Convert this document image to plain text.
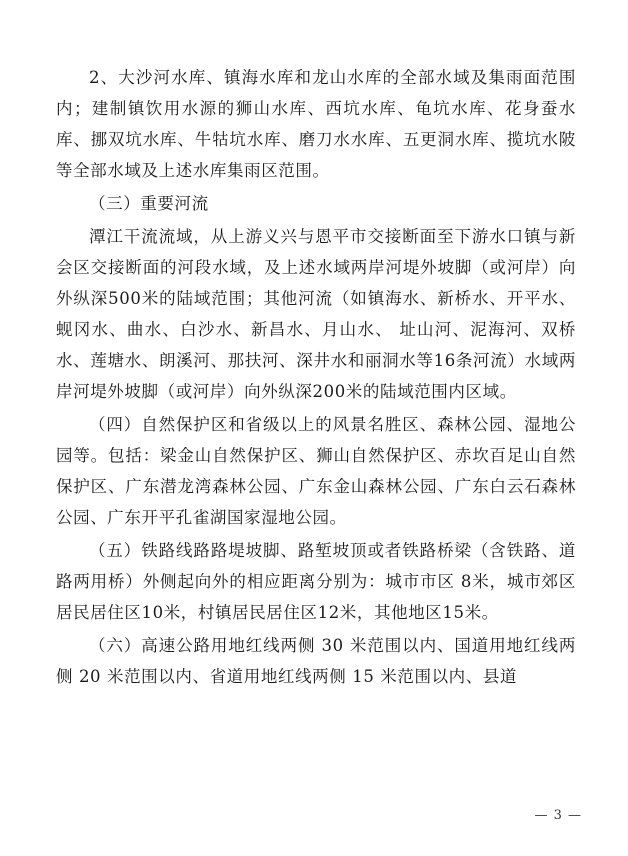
2、大沙河水库、镇海水库和龙山水库的全部水域及集雨面范围内；建制镇饮用水源的狮山水库、西坑水库、龟坑水库、花身蚕水库、挪双坑水库、牛牯坑水库、磨刀水水库、五更洞水库、揽坑水陂等全部水域及上述水库集雨区范围。

（三）重要河流

潭江干流流域，从上游义兴与恩平市交接断面至下游水口镇与新会区交接断面的河段水域，及上述水域两岸河堤外坡脚（或河岸）向外纵深500米的陆域范围；其他河流（如镇海水、新桥水、开平水、蚬冈水、曲水、白沙水、新昌水、月山水、 址山河、泥海河、双桥水、莲塘水、朗溪河、那扶河、深井水和丽洞水等16条河流）水域两岸河堤外坡脚（或河岸）向外纵深200米的陆域范围内区域。

（四）自然保护区和省级以上的风景名胜区、森林公园、湿地公园等。包括：梁金山自然保护区、狮山自然保护区、赤坎百足山自然保护区、广东潜龙湾森林公园、广东金山森林公园、广东白云石森林公园、广东开平孔雀湖国家湿地公园。

（五）铁路线路路堤坡脚、路堑坡顶或者铁路桥梁（含铁路、道路两用桥）外侧起向外的相应距离分别为：城市市区 8米，城市郊区居民居住区10米，村镇居民居住区12米，其他地区15米。

（六）高速公路用地红线两侧 30 米范围以内、国道用地红线两侧 20 米范围以内、省道用地红线两侧 15 米范围以内、县道

— 3 —
